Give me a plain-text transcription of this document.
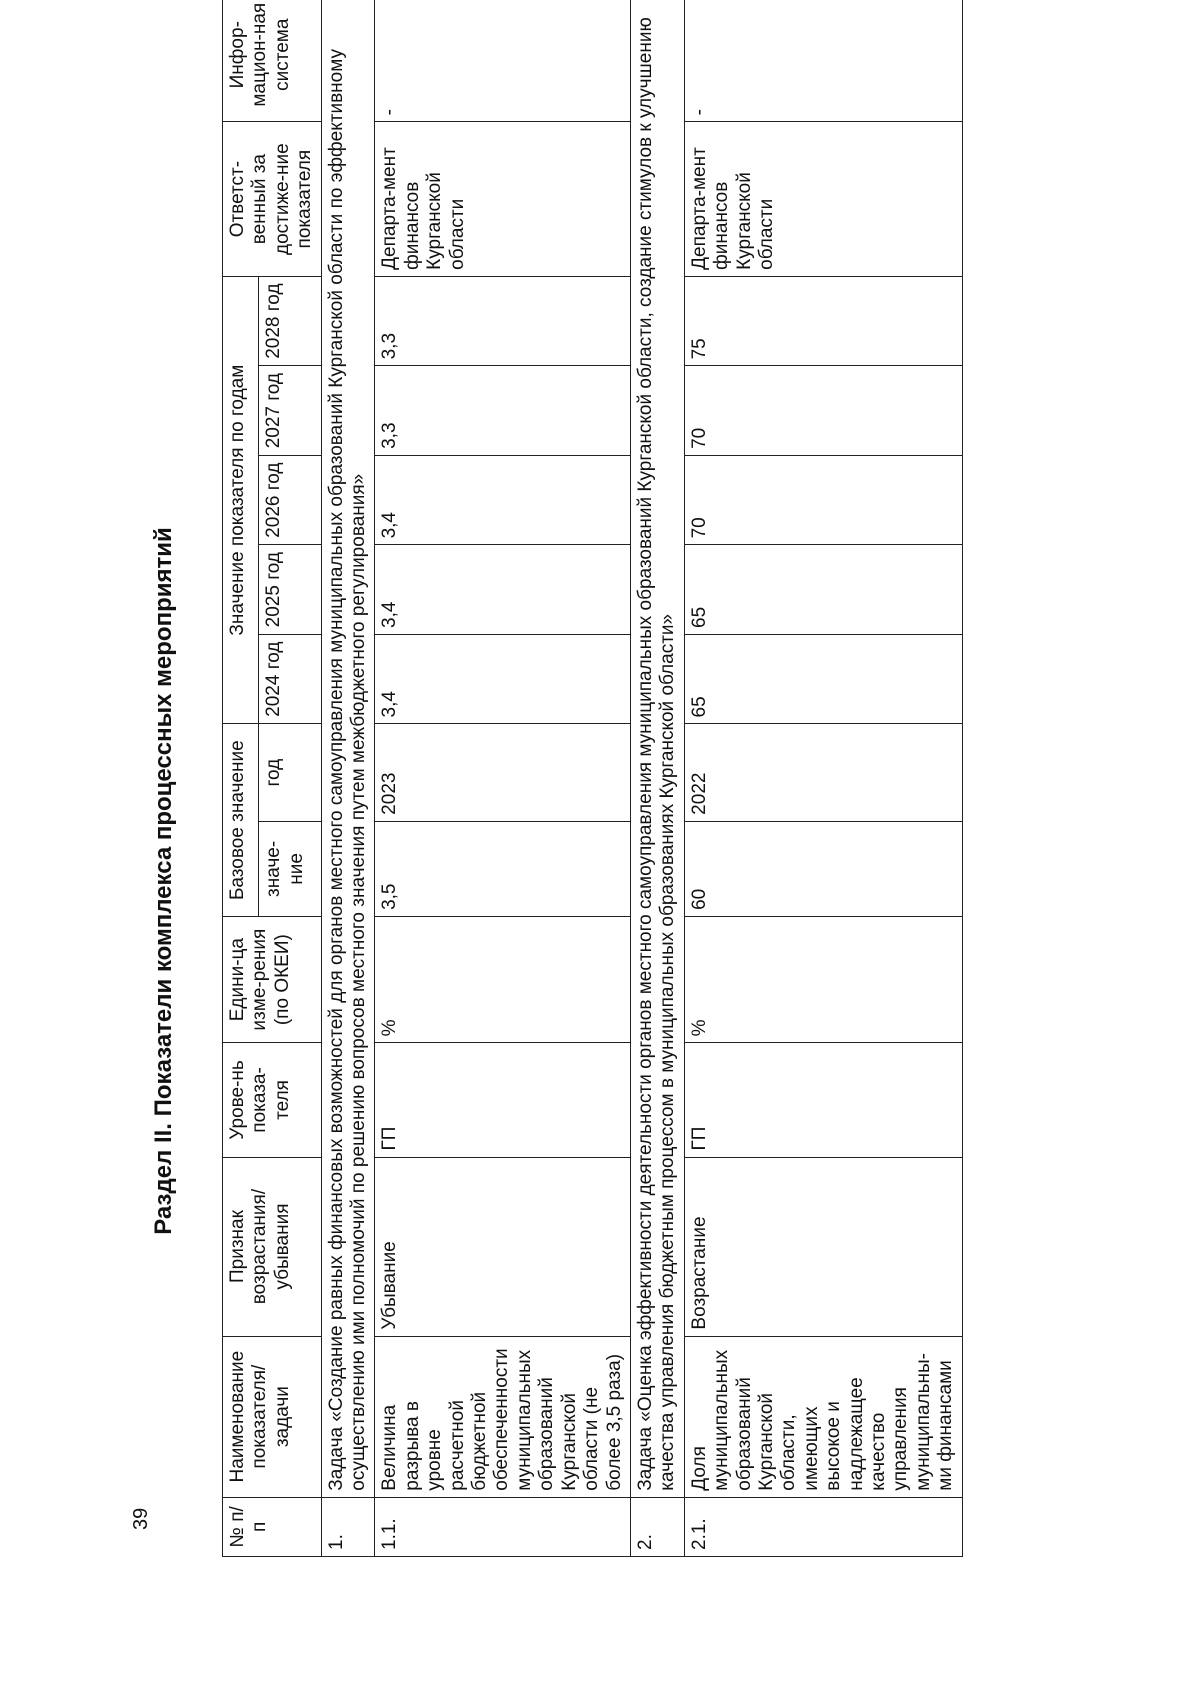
39
Раздел II. Показатели комплекса процессных мероприятий
№ п/п	Наименование показателя/ задачи	Признак возрастания/ убывания	Урове-нь показа-теля	Едини-ца изме-рения (по ОКЕИ)	Базовое значение		Значение показателя по годам					Ответст-венный за достиже-ние показателя	Инфор-мацион-ная система
					значе-ние	год	2024 год	2025 год	2026 год	2027 год	2028 год		
1.	Задача «Создание равных финансовых возможностей для органов местного самоуправления муниципальных образований Курганской области по эффективному осуществлению ими полномочий по решению вопросов местного значения путем межбюджетного регулирования»												
1.1.	Величина разрыва в уровне расчетной бюджетной обеспеченности муниципальных образований Курганской области (не более 3,5 раза)	Убывание	ГП	%	3,5	2023	3,4	3,4	3,4	3,3	3,3	Департа-мент финансов Курганской области	-
2.	Задача «Оценка эффективности деятельности органов местного самоуправления муниципальных образований Курганской области, создание стимулов к улучшению качества управления бюджетным процессом в муниципальных образованиях Курганской области»												
2.1.	Доля муниципальных образований Курганской области, имеющих высокое и надлежащее качество управления муниципальны-ми финансами	Возрастание	ГП	%	60	2022	65	65	70	70	75	Департа-мент финансов Курганской области	-
